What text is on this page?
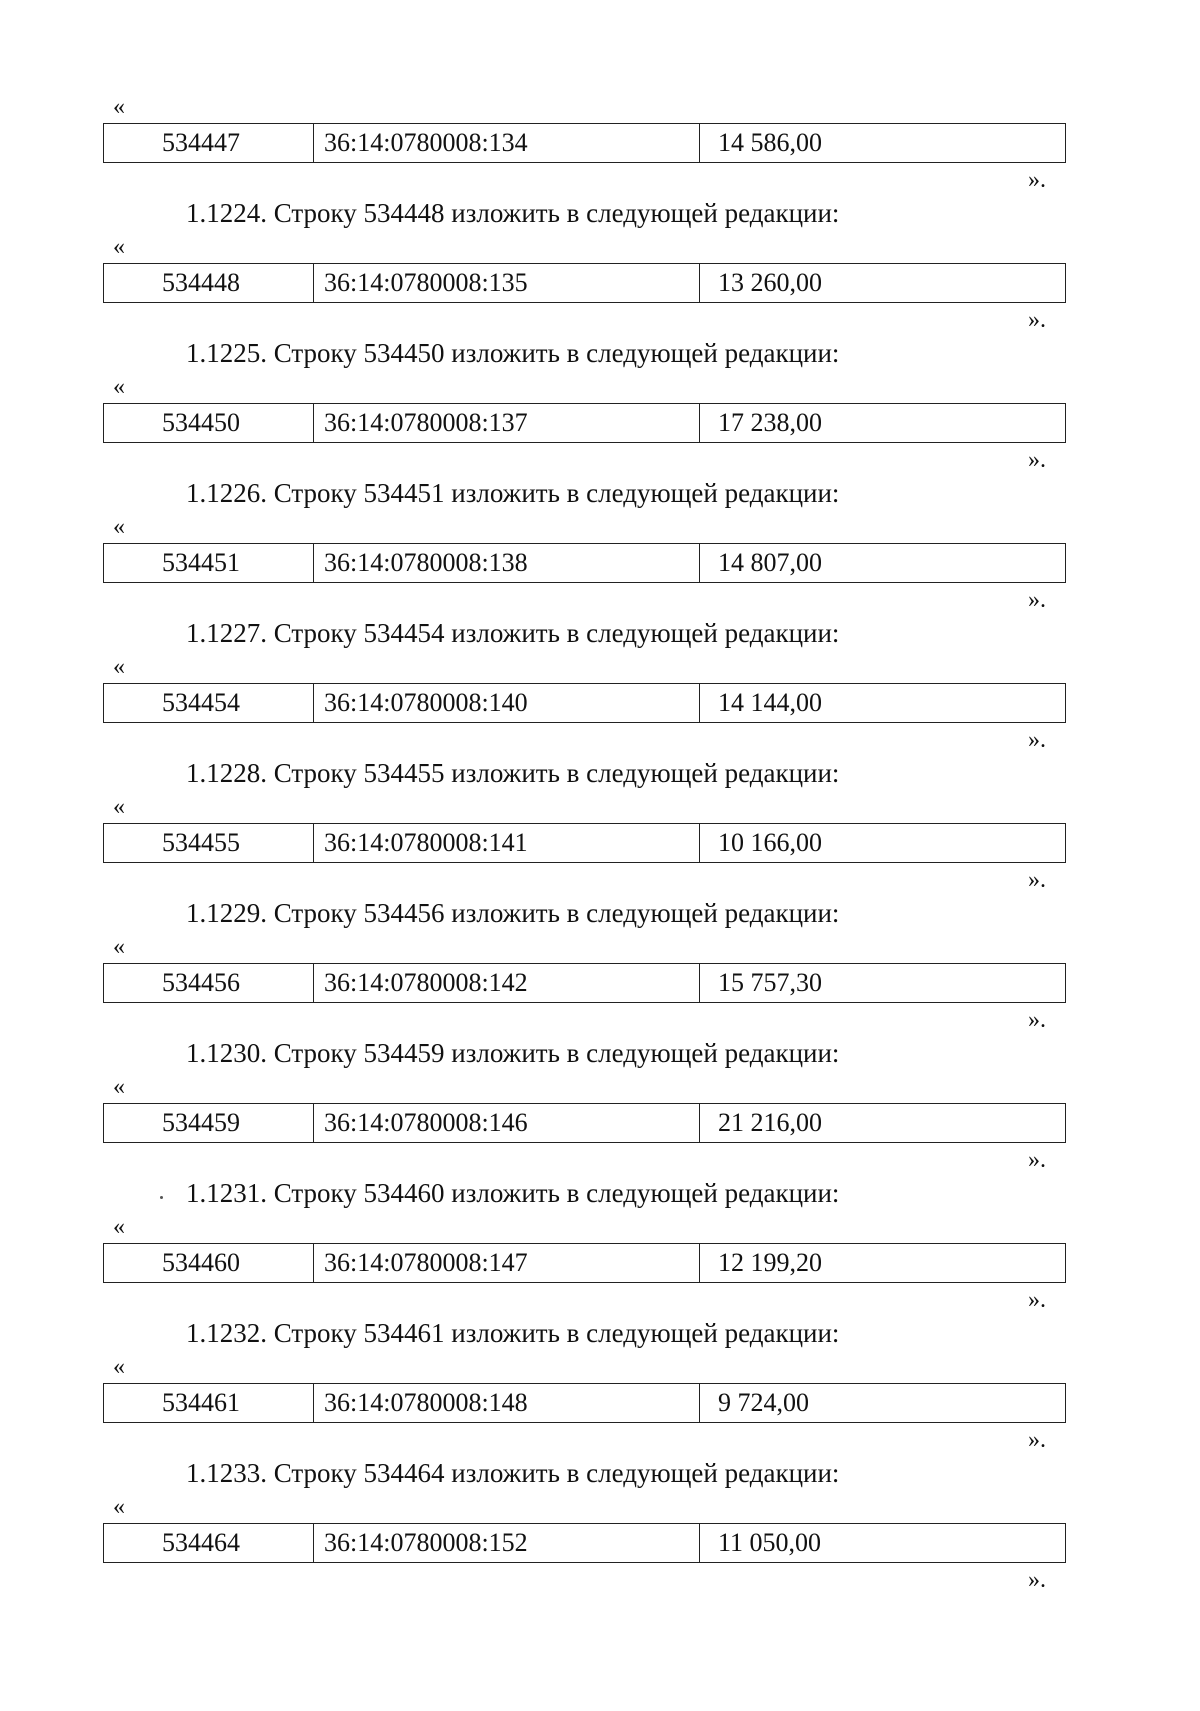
«
534447	36:14:0780008:134	14 586,00
».
1.1224. Строку 534448 изложить в следующей редакции:
«
534448	36:14:0780008:135	13 260,00
».
1.1225. Строку 534450 изложить в следующей редакции:
«
534450	36:14:0780008:137	17 238,00
».
1.1226. Строку 534451 изложить в следующей редакции:
«
534451	36:14:0780008:138	14 807,00
».
1.1227. Строку 534454 изложить в следующей редакции:
«
534454	36:14:0780008:140	14 144,00
».
1.1228. Строку 534455 изложить в следующей редакции:
«
534455	36:14:0780008:141	10 166,00
».
1.1229. Строку 534456 изложить в следующей редакции:
«
534456	36:14:0780008:142	15 757,30
».
1.1230. Строку 534459 изложить в следующей редакции:
«
534459	36:14:0780008:146	21 216,00
».
1.1231. Строку 534460 изложить в следующей редакции:
«
534460	36:14:0780008:147	12 199,20
».
1.1232. Строку 534461 изложить в следующей редакции:
«
534461	36:14:0780008:148	9 724,00
».
1.1233. Строку 534464 изложить в следующей редакции:
«
534464	36:14:0780008:152	11 050,00
».
